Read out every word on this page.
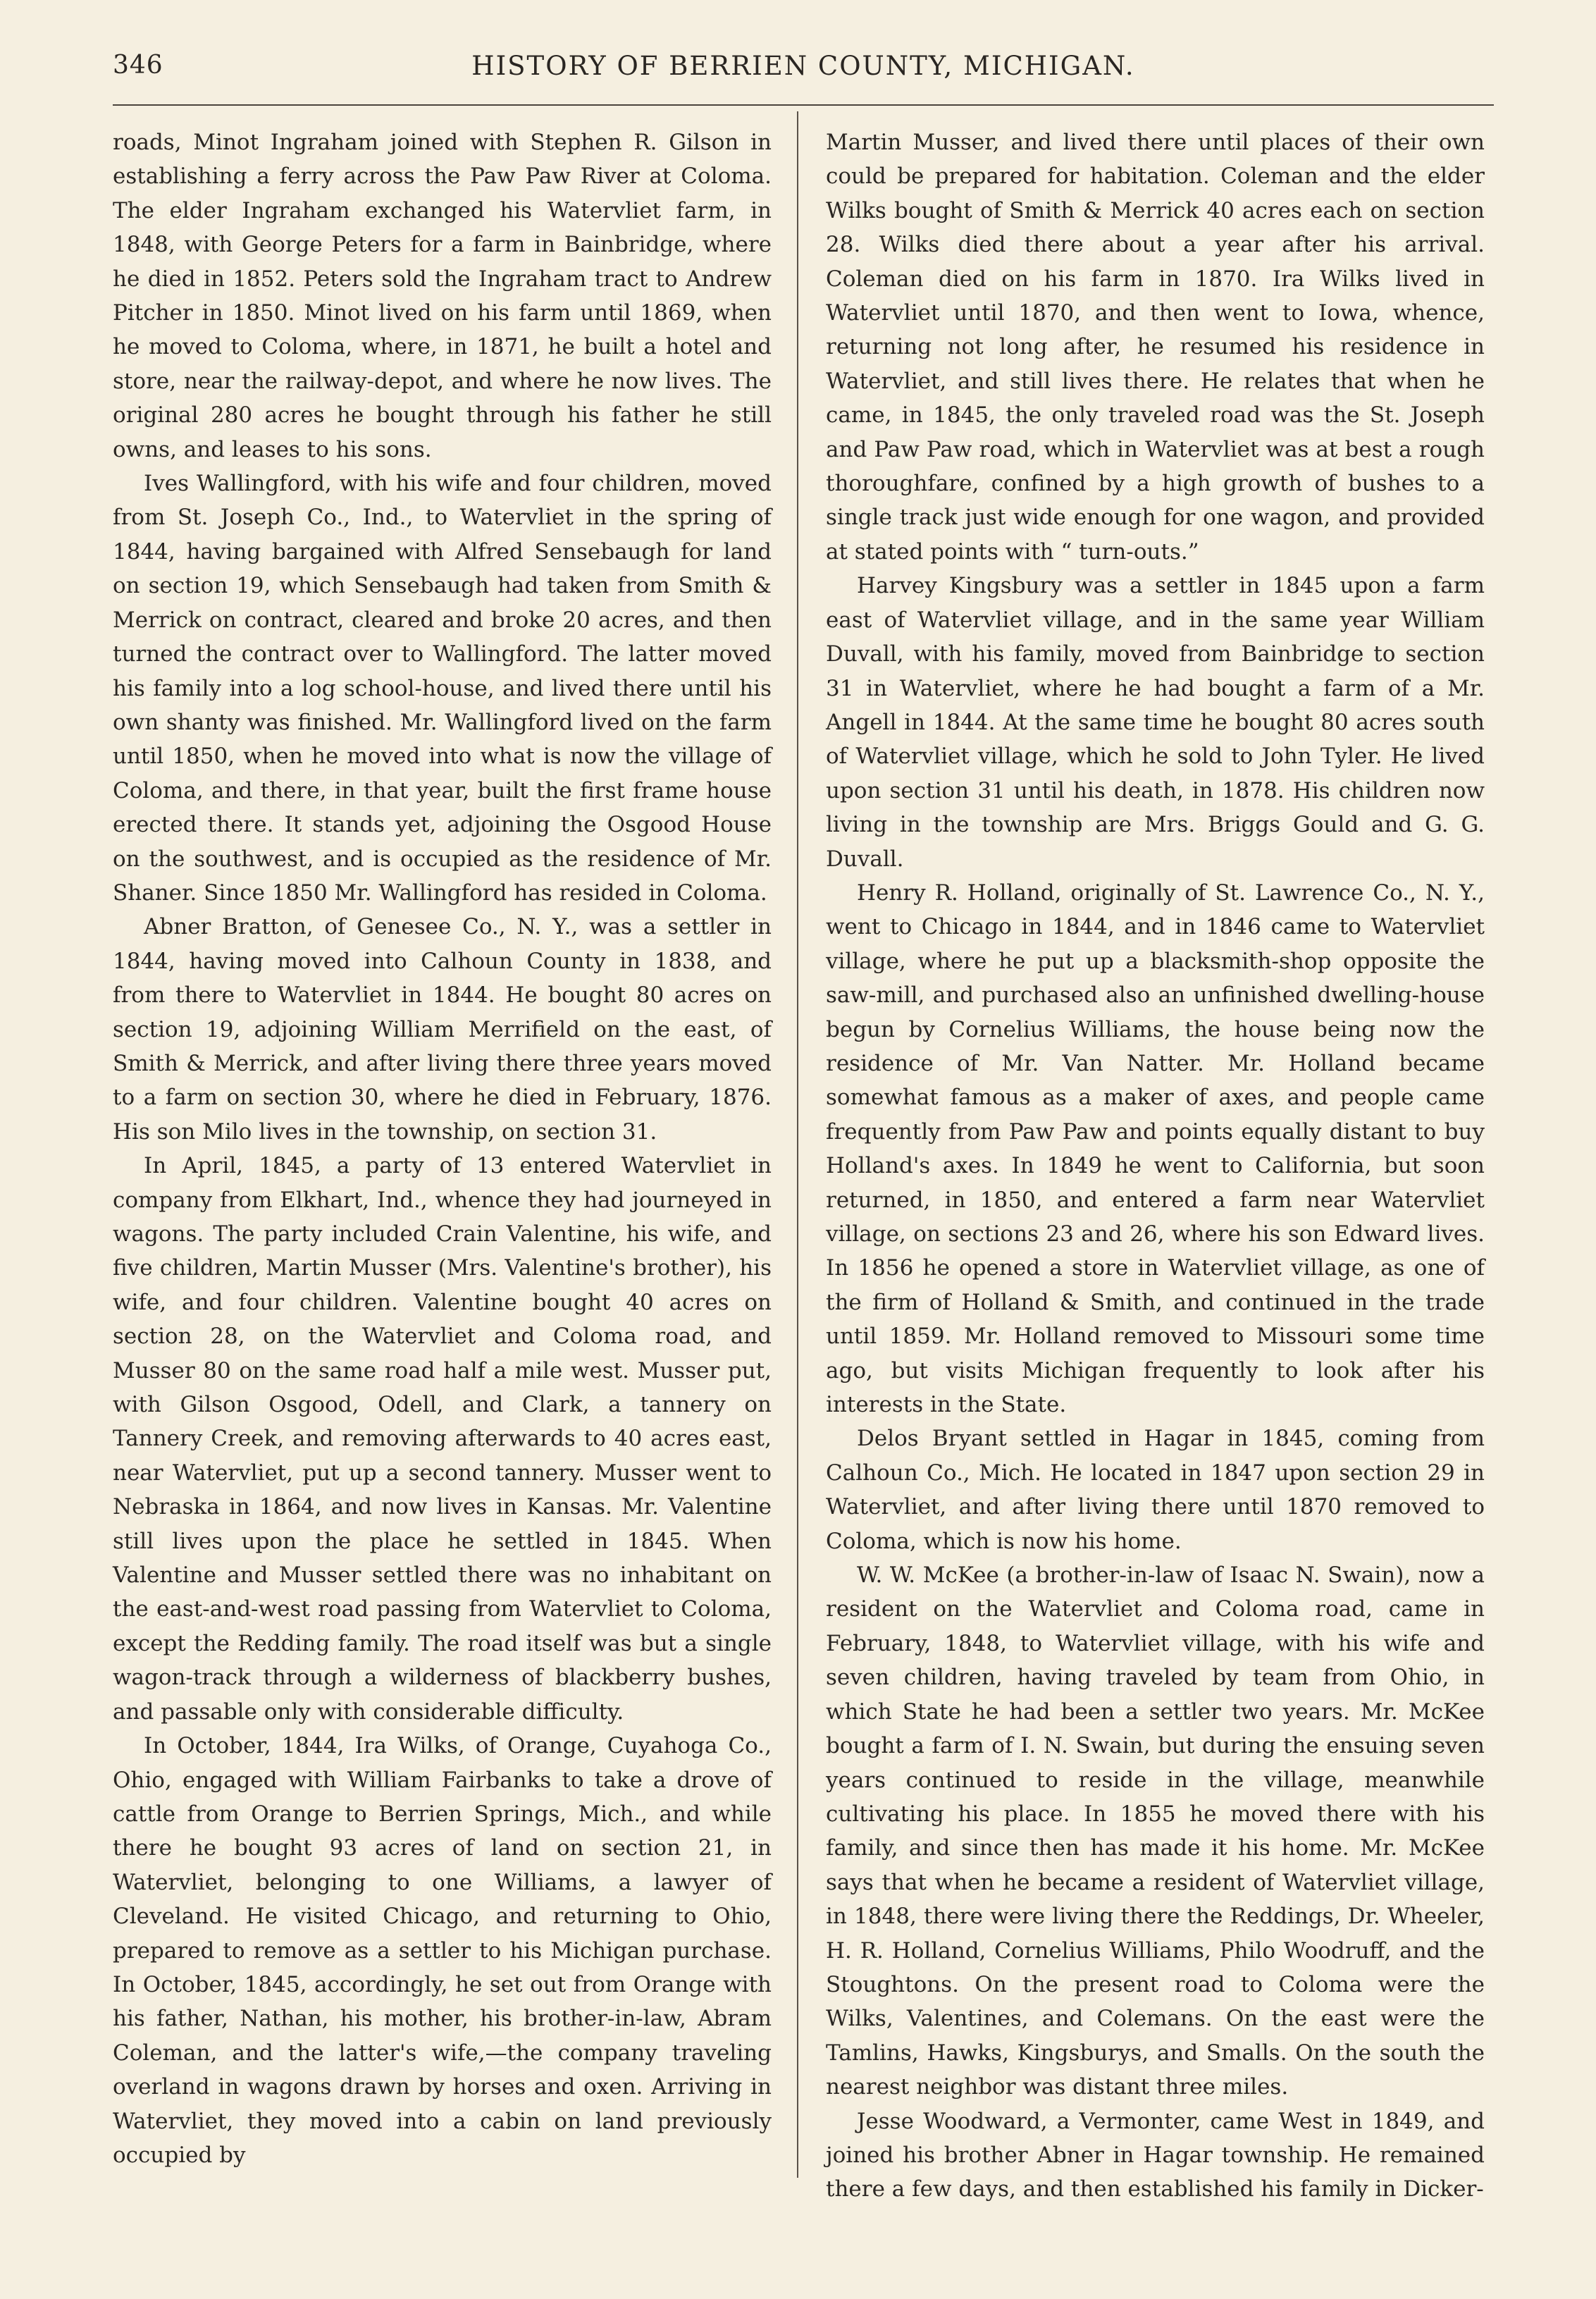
346	HISTORY OF BERRIEN COUNTY, MICHIGAN.

roads, Minot Ingraham joined with Stephen R. Gilson in establishing a ferry across the Paw Paw River at Coloma. The elder Ingraham exchanged his Watervliet farm, in 1848, with George Peters for a farm in Bainbridge, where he died in 1852. Peters sold the Ingraham tract to Andrew Pitcher in 1850. Minot lived on his farm until 1869, when he moved to Coloma, where, in 1871, he built a hotel and store, near the railway-depot, and where he now lives. The original 280 acres he bought through his father he still owns, and leases to his sons.

Ives Wallingford, with his wife and four children, moved from St. Joseph Co., Ind., to Watervliet in the spring of 1844, having bargained with Alfred Sensebaugh for land on section 19, which Sensebaugh had taken from Smith & Merrick on contract, cleared and broke 20 acres, and then turned the contract over to Wallingford. The latter moved his family into a log school-house, and lived there until his own shanty was finished. Mr. Wallingford lived on the farm until 1850, when he moved into what is now the village of Coloma, and there, in that year, built the first frame house erected there. It stands yet, adjoining the Osgood House on the southwest, and is occupied as the residence of Mr. Shaner. Since 1850 Mr. Wallingford has resided in Coloma.

Abner Bratton, of Genesee Co., N. Y., was a settler in 1844, having moved into Calhoun County in 1838, and from there to Watervliet in 1844. He bought 80 acres on section 19, adjoining William Merrifield on the east, of Smith & Merrick, and after living there three years moved to a farm on section 30, where he died in February, 1876. His son Milo lives in the township, on section 31.

In April, 1845, a party of 13 entered Watervliet in company from Elkhart, Ind., whence they had journeyed in wagons. The party included Crain Valentine, his wife, and five children, Martin Musser (Mrs. Valentine's brother), his wife, and four children. Valentine bought 40 acres on section 28, on the Watervliet and Coloma road, and Musser 80 on the same road half a mile west. Musser put, with Gilson Osgood, Odell, and Clark, a tannery on Tannery Creek, and removing afterwards to 40 acres east, near Watervliet, put up a second tannery. Musser went to Nebraska in 1864, and now lives in Kansas. Mr. Valentine still lives upon the place he settled in 1845. When Valentine and Musser settled there was no inhabitant on the east-and-west road passing from Watervliet to Coloma, except the Redding family. The road itself was but a single wagon-track through a wilderness of blackberry bushes, and passable only with considerable difficulty.

In October, 1844, Ira Wilks, of Orange, Cuyahoga Co., Ohio, engaged with William Fairbanks to take a drove of cattle from Orange to Berrien Springs, Mich., and while there he bought 93 acres of land on section 21, in Watervliet, belonging to one Williams, a lawyer of Cleveland. He visited Chicago, and returning to Ohio, prepared to remove as a settler to his Michigan purchase. In October, 1845, accordingly, he set out from Orange with his father, Nathan, his mother, his brother-in-law, Abram Coleman, and the latter's wife,—the company traveling overland in wagons drawn by horses and oxen. Arriving in Watervliet, they moved into a cabin on land previously occupied by

Martin Musser, and lived there until places of their own could be prepared for habitation. Coleman and the elder Wilks bought of Smith & Merrick 40 acres each on section 28. Wilks died there about a year after his arrival. Coleman died on his farm in 1870. Ira Wilks lived in Watervliet until 1870, and then went to Iowa, whence, returning not long after, he resumed his residence in Watervliet, and still lives there. He relates that when he came, in 1845, the only traveled road was the St. Joseph and Paw Paw road, which in Watervliet was at best a rough thoroughfare, confined by a high growth of bushes to a single track just wide enough for one wagon, and provided at stated points with “ turn-outs.”

Harvey Kingsbury was a settler in 1845 upon a farm east of Watervliet village, and in the same year William Duvall, with his family, moved from Bainbridge to section 31 in Watervliet, where he had bought a farm of a Mr. Angell in 1844. At the same time he bought 80 acres south of Watervliet village, which he sold to John Tyler. He lived upon section 31 until his death, in 1878. His children now living in the township are Mrs. Briggs Gould and G. G. Duvall.

Henry R. Holland, originally of St. Lawrence Co., N. Y., went to Chicago in 1844, and in 1846 came to Watervliet village, where he put up a blacksmith-shop opposite the saw-mill, and purchased also an unfinished dwelling-house begun by Cornelius Williams, the house being now the residence of Mr. Van Natter. Mr. Holland became somewhat famous as a maker of axes, and people came frequently from Paw Paw and points equally distant to buy Holland's axes. In 1849 he went to California, but soon returned, in 1850, and entered a farm near Watervliet village, on sections 23 and 26, where his son Edward lives. In 1856 he opened a store in Watervliet village, as one of the firm of Holland & Smith, and continued in the trade until 1859. Mr. Holland removed to Missouri some time ago, but visits Michigan frequently to look after his interests in the State.

Delos Bryant settled in Hagar in 1845, coming from Calhoun Co., Mich. He located in 1847 upon section 29 in Watervliet, and after living there until 1870 removed to Coloma, which is now his home.

W. W. McKee (a brother-in-law of Isaac N. Swain), now a resident on the Watervliet and Coloma road, came in February, 1848, to Watervliet village, with his wife and seven children, having traveled by team from Ohio, in which State he had been a settler two years. Mr. McKee bought a farm of I. N. Swain, but during the ensuing seven years continued to reside in the village, meanwhile cultivating his place. In 1855 he moved there with his family, and since then has made it his home. Mr. McKee says that when he became a resident of Watervliet village, in 1848, there were living there the Reddings, Dr. Wheeler, H. R. Holland, Cornelius Williams, Philo Woodruff, and the Stoughtons. On the present road to Coloma were the Wilks, Valentines, and Colemans. On the east were the Tamlins, Hawks, Kingsburys, and Smalls. On the south the nearest neighbor was distant three miles.

Jesse Woodward, a Vermonter, came West in 1849, and joined his brother Abner in Hagar township. He remained there a few days, and then established his family in Dicker-
